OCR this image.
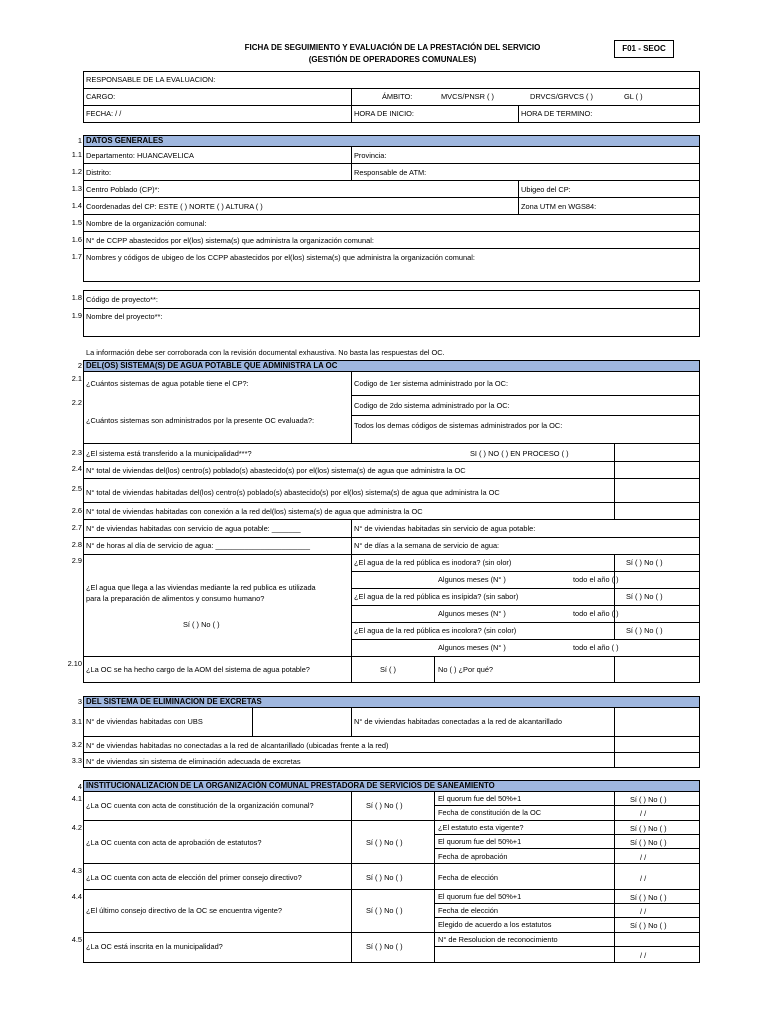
FICHA DE SEGUIMIENTO Y EVALUACIÓN DE LA PRESTACIÓN DEL SERVICIO
(GESTIÓN DE OPERADORES COMUNALES)
F01 - SEOC
RESPONSABLE DE LA EVALUACION:
CARGO:	ÁMBITO:	MVCS/PNSR ( )	DRVCS/GRVCS ( )	GL ( )
FECHA: / /	HORA DE INICIO:	HORA DE TERMINO:
1 DATOS GENERALES
1.1 Departamento: HUANCAVELICA	Provincia:
1.2 Distrito:	Responsable de ATM:
1.3 Centro Poblado (CP)*:	Ubigeo del CP:
1.4 Coordenadas del CP: ESTE ( ) NORTE ( ) ALTURA ( )	Zona UTM en WGS84:
1.5 Nombre de la organización comunal:
1.6 N° de CCPP abastecidos por el(los) sistema(s) que administra la organización comunal:
1.7 Nombres y códigos de ubigeo de los CCPP abastecidos por el(los) sistema(s) que administra la organización comunal:
1.8 Código de proyecto**:
1.9 Nombre del proyecto**:
La información debe ser corroborada con la revisión documental exhaustiva. No basta las respuestas del OC.
2 DEL(OS) SISTEMA(S) DE AGUA POTABLE QUE ADMINISTRA LA OC
2.1
¿Cuántos sistemas de agua potable tiene el CP?:	Codigo de 1er sistema administrado por la OC:
2.2
¿Cuántos sistemas son administrados por la presente OC evaluada?:
Codigo de 2do sistema administrado por la OC:
Todos los demas códigos de sistemas administrados por la OC:
2.3 ¿El sistema está transferido a la municipalidad***?	SI ( ) NO ( ) EN PROCESO ( )
2.4 N° total de viviendas del(los) centro(s) poblado(s) abastecido(s) por el(los) sistema(s) de agua que administra la OC
2.5 N° total de viviendas habitadas del(los) centro(s) poblado(s) abastecido(s) por el(los) sistema(s) de agua que administra la OC
2.6 N° total de viviendas habitadas con conexión a la red del(los) sistema(s) de agua que administra la OC
2.7 N° de viviendas habitadas con servicio de agua potable: _______	N° de viviendas habitadas sin servicio de agua potable:
2.8 N° de horas al día de servicio de agua: _______________________	N° de días a la semana de servicio de agua:
2.9
¿El agua que llega a las viviendas mediante la red publica es utilizada
para la preparación de alimentos y consumo humano?
Sí ( ) No ( )
¿El agua de la red pública es inodora? (sin olor)	Sí ( ) No ( )
Algunos meses (N° )	todo el año ( )
¿El agua de la red pública es insípida? (sin sabor)	Sí ( ) No ( )
Algunos meses (N° )	todo el año ( )
¿El agua de la red pública es incolora? (sin color)	Sí ( ) No ( )
Algunos meses (N° )	todo el año ( )
2.10
¿La OC se ha hecho cargo de la AOM del sistema de agua potable?	Sí ( )	No ( ) ¿Por qué?
3 DEL SISTEMA DE ELIMINACION DE EXCRETAS
3.1 N° de viviendas habitadas con UBS	N° de viviendas habitadas conectadas a la red de alcantarillado
3.2 N° de viviendas habitadas no conectadas a la red de alcantarillado (ubicadas frente a la red)
3.3 N° de viviendas sin sistema de eliminación adecuada de excretas
4 INSTITUCIONALIZACION DE LA ORGANIZACIÓN COMUNAL PRESTADORA DE SERVICIOS DE SANEAMIENTO
4.1
¿La OC cuenta con acta de constitución de la organización comunal?	Sí ( ) No ( )
El quorum fue del 50%+1	Sí ( ) No ( )
Fecha de constitución de la OC	/ /
4.2
¿La OC cuenta con acta de aprobación de estatutos?	Sí ( ) No ( )
¿El estatuto esta vigente?	Sí ( ) No ( )
El quorum fue del 50%+1	Sí ( ) No ( )
Fecha de aprobación	/ /
4.3
¿La OC cuenta con acta de elección del primer consejo directivo?	Sí ( ) No ( )	Fecha de elección	/ /
4.4
¿El último consejo directivo de la OC se encuentra vigente?	Sí ( ) No ( )
El quorum fue del 50%+1	Sí ( ) No ( )
Fecha de elección	/ /
Elegido de acuerdo a los estatutos	Sí ( ) No ( )
4.5
¿La OC está inscrita en la municipalidad?	Sí ( ) No ( )
N° de Resolucion de reconocimiento
/ /
